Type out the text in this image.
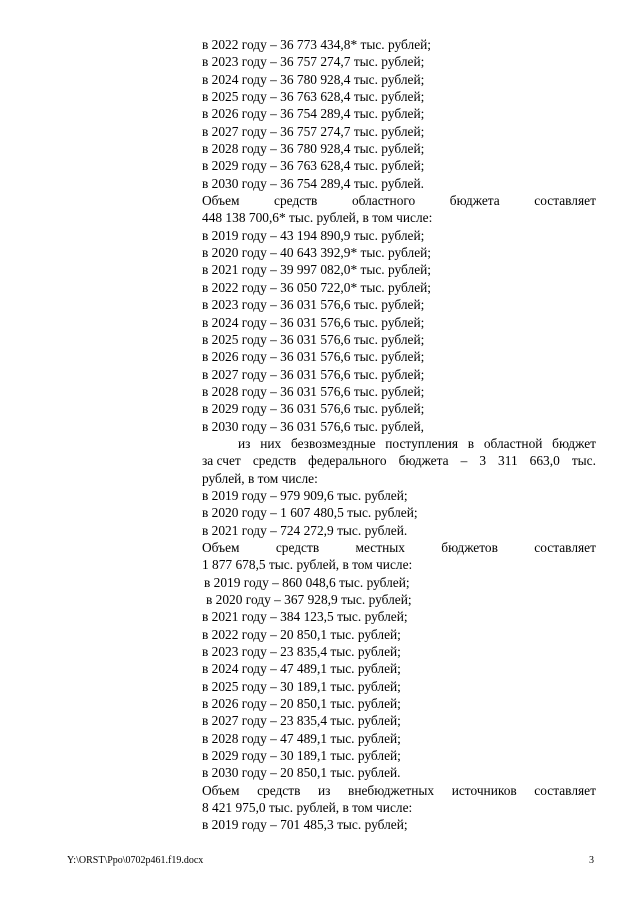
в 2022 году – 36 773 434,8* тыс. рублей;
в 2023 году – 36 757 274,7 тыс. рублей;
в 2024 году – 36 780 928,4 тыс. рублей;
в 2025 году – 36 763 628,4 тыс. рублей;
в 2026 году – 36 754 289,4 тыс. рублей;
в 2027 году – 36 757 274,7 тыс. рублей;
в 2028 году – 36 780 928,4 тыс. рублей;
в 2029 году – 36 763 628,4 тыс. рублей;
в 2030 году – 36 754 289,4 тыс. рублей.
Объем	средств	областного	бюджета	составляет
448 138 700,6* тыс. рублей, в том числе:
в 2019 году – 43 194 890,9 тыс. рублей;
в 2020 году – 40 643 392,9* тыс. рублей;
в 2021 году – 39 997 082,0* тыс. рублей;
в 2022 году – 36 050 722,0* тыс. рублей;
в 2023 году – 36 031 576,6 тыс. рублей;
в 2024 году – 36 031 576,6 тыс. рублей;
в 2025 году – 36 031 576,6 тыс. рублей;
в 2026 году – 36 031 576,6 тыс. рублей;
в 2027 году – 36 031 576,6 тыс. рублей;
в 2028 году – 36 031 576,6 тыс. рублей;
в 2029 году – 36 031 576,6 тыс. рублей;
в 2030 году – 36 031 576,6 тыс. рублей,
из них безвозмездные поступления в областной бюджет
за счет средств федерального бюджета – 3 311 663,0 тыс.
рублей, в том числе:
в 2019 году – 979 909,6 тыс. рублей;
в 2020 году – 1 607 480,5 тыс. рублей;
в 2021 году – 724 272,9 тыс. рублей.
Объем	средств	местных	бюджетов	составляет
1 877 678,5 тыс. рублей, в том числе:
в 2019 году – 860 048,6 тыс. рублей;
в 2020 году – 367 928,9 тыс. рублей;
в 2021 году – 384 123,5 тыс. рублей;
в 2022 году – 20 850,1 тыс. рублей;
в 2023 году – 23 835,4 тыс. рублей;
в 2024 году – 47 489,1 тыс. рублей;
в 2025 году – 30 189,1 тыс. рублей;
в 2026 году – 20 850,1 тыс. рублей;
в 2027 году – 23 835,4 тыс. рублей;
в 2028 году – 47 489,1 тыс. рублей;
в 2029 году – 30 189,1 тыс. рублей;
в 2030 году – 20 850,1 тыс. рублей.
Объем средств из внебюджетных источников составляет
8 421 975,0 тыс. рублей, в том числе:
в 2019 году – 701 485,3 тыс. рублей;
Y:\ORST\Ppo\0702p461.f19.docx	3
